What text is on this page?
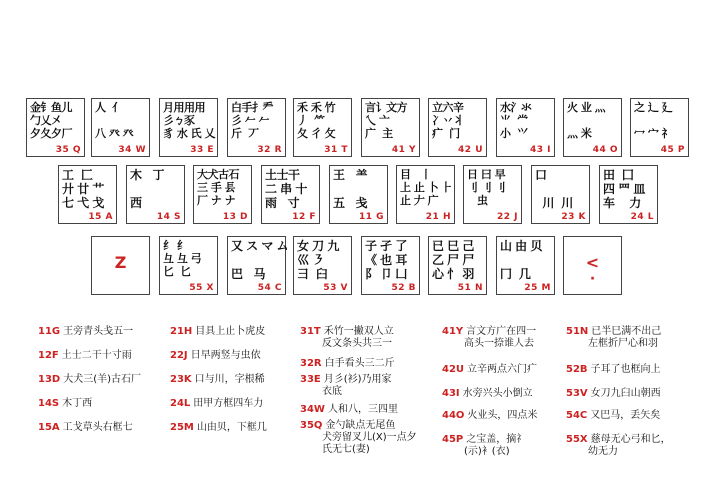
金钅鱼儿
勹乂㐅
夕夂夕厂
35 Q
人  亻

八 癶 癶
34 W
月用用用
彡ㄅ豕
豸 水 氏 乂
33 E
白手扌龵
彡 𠂉 𠂉
斤  丆
32 R
禾 禾 竹
丿  ⺮
夂 彳 攵
31 T
言讠文方
乀 亠
广  主
41 Y
立六辛
冫丷丬
疒  门
42 U
水氵氺
⺌  龸
小  ⺍
43 I
火 业 灬

灬 米
44 O
之 辶 廴

冖 宀 礻
45 P
工  匚
廾 廿 艹
七 弋 戈
15 A
木   丁

西
14 S
大犬古石
三 手 镸
厂 ナ ナ
13 D
土士干
二 串 十
雨   寸
12 F
王   ⺷

五   戋
11 G
目   丨
上 止 卜 ⺊
止 𠂇 广
21 H
日 曰 早
刂 刂 刂
虫
22 J
口

川  川
23 K
田  囗
四 罒 皿
车    力
24 L
Z
纟 纟
彑 彑 弓
匕  匕
55 X
又 ス マ ム

巴   马
54 C
女 刀 九
巛 ㇋
彐  臼
53 V
子 孑 了
《 也 耳
阝 卩 凵
52 B
已 巳 己
乙 尸 尸
心 忄 羽
51 N
山 由 贝

冂  几
25 M
<
·
11G 王旁青头戋五一
12F 土士二干十寸雨
13D 大犬三(羊)古石厂
14S 木丁西
15A 工戈草头右框七
21H 目具上止卜虎皮
22J 日早两竖与虫依
23K 口与川，字根稀
24L 田甲方框四车力
25M 山由贝，下框几
31T 禾竹一撇双人立
反文条头共三一
32R 白手看头三二斤
33E 月彡(衫)乃用家
衣底
34W 人和八，三四里
35Q 金勺缺点无尾鱼
犬旁留叉儿(X)一点夕
氏无七(妻)
41Y 言文方广在四一
高头一捺谁人去
42U 立辛两点六门疒
43I 水旁兴头小倒立
44O 火业头，四点米
45P 之宝盖，摘礻
(示)衤(衣)
51N 已半巳满不出己
左框折尸心和羽
52B 子耳了也框向上
53V 女刀九臼山朝西
54C 又巴马，丢矢矣
55X 慈母无心弓和匕，
幼无力
